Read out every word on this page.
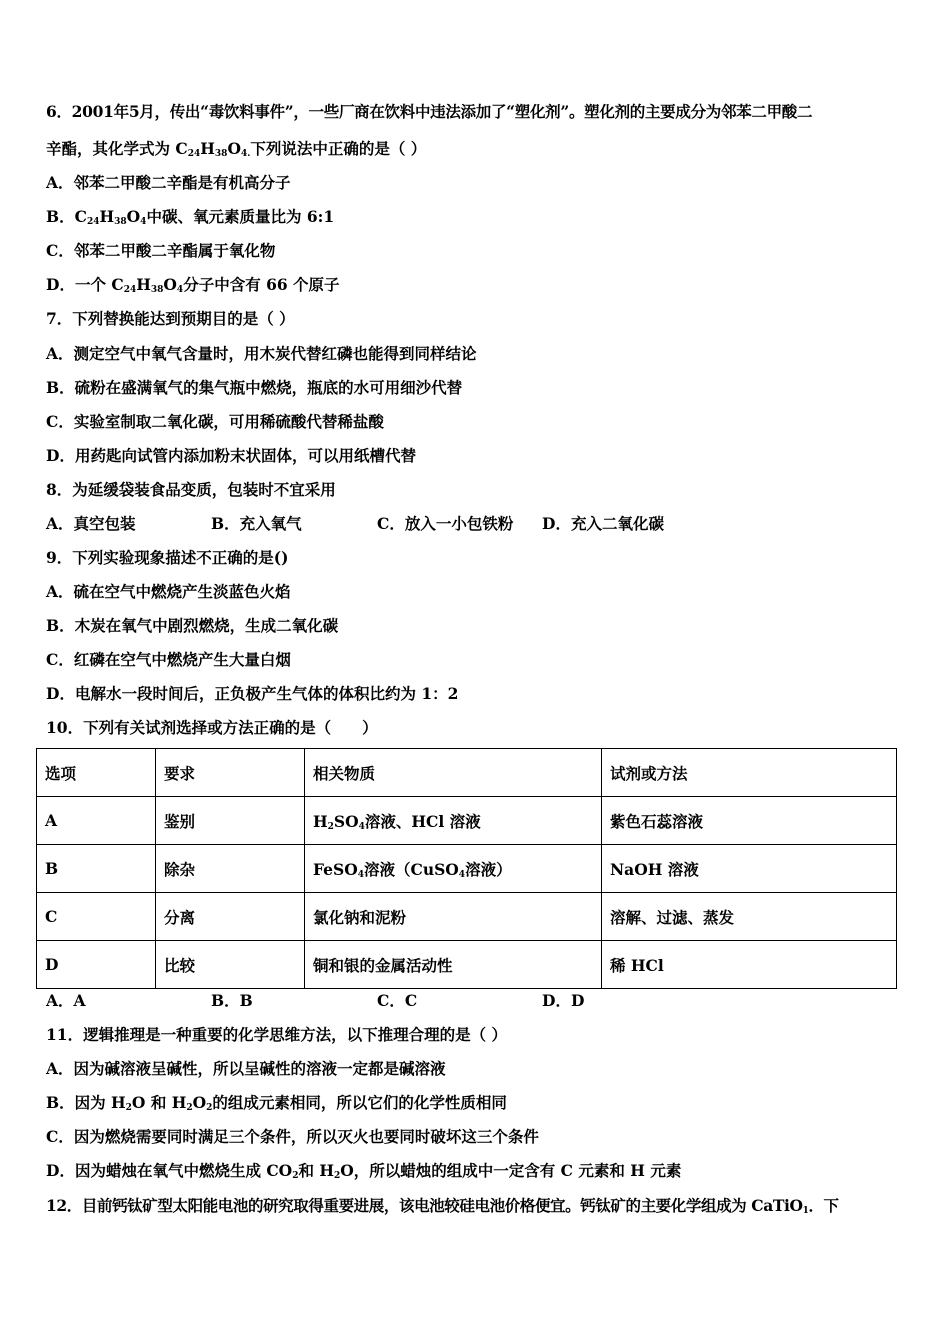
6．2001年5月，传出“毒饮料事件”，一些厂商在饮料中违法添加了“塑化剂”。塑化剂的主要成分为邻苯二甲酸二
辛酯，其化学式为 $C_{24}H_{38}O_{4.}$下列说法中正确的是（ ）
A．邻苯二甲酸二辛酯是有机高分子
B．$C_{24}H_{38}O_4$中碳、氧元素质量比为 6:1
C．邻苯二甲酸二辛酯属于氧化物
D．一个 $C_{24}H_{38}O_4$分子中含有 66 个原子
7．下列替换能达到预期目的是（ ）
A．测定空气中氧气含量时，用木炭代替红磷也能得到同样结论
B．硫粉在盛满氧气的集气瓶中燃烧，瓶底的水可用细沙代替
C．实验室制取二氧化碳，可用稀硫酸代替稀盐酸
D．用药匙向试管内添加粉末状固体，可以用纸槽代替
8．为延缓袋装食品变质，包装时不宜采用
A．真空包装	B．充入氧气	C．放入一小包铁粉 D．充入二氧化碳
9．下列实验现象描述不正确的是()
A．硫在空气中燃烧产生淡蓝色火焰
B．木炭在氧气中剧烈燃烧，生成二氧化碳
C．红磷在空气中燃烧产生大量白烟
D．电解水一段时间后，正负极产生气体的体积比约为 1：2
10．下列有关试剂选择或方法正确的是（　　）
选项	要求	相关物质	试剂或方法
A	鉴别	$H_2SO_4$溶液、HCl 溶液	紫色石蕊溶液
B	除杂	FeSO$_4$溶液（CuSO$_4$溶液）	NaOH 溶液
C	分离	氯化钠和泥粉	溶解、过滤、蒸发
D	比较	铜和银的金属活动性	稀 HCl
A．A	B．B	C．C	D．D
11．逻辑推理是一种重要的化学思维方法，以下推理合理的是（ ）
A．因为碱溶液呈碱性，所以呈碱性的溶液一定都是碱溶液
B．因为 $H_2O$ 和 $H_2O_2$的组成元素相同，所以它们的化学性质相同
C．因为燃烧需要同时满足三个条件，所以灭火也要同时破坏这三个条件
D．因为蜡烛在氧气中燃烧生成 $CO_2$和 $H_2O$，所以蜡烛的组成中一定含有 C 元素和 H 元素
12．目前钙钛矿型太阳能电池的研究取得重要进展，该电池较硅电池价格便宜。钙钛矿的主要化学组成为 CaTiO$_1$．下
